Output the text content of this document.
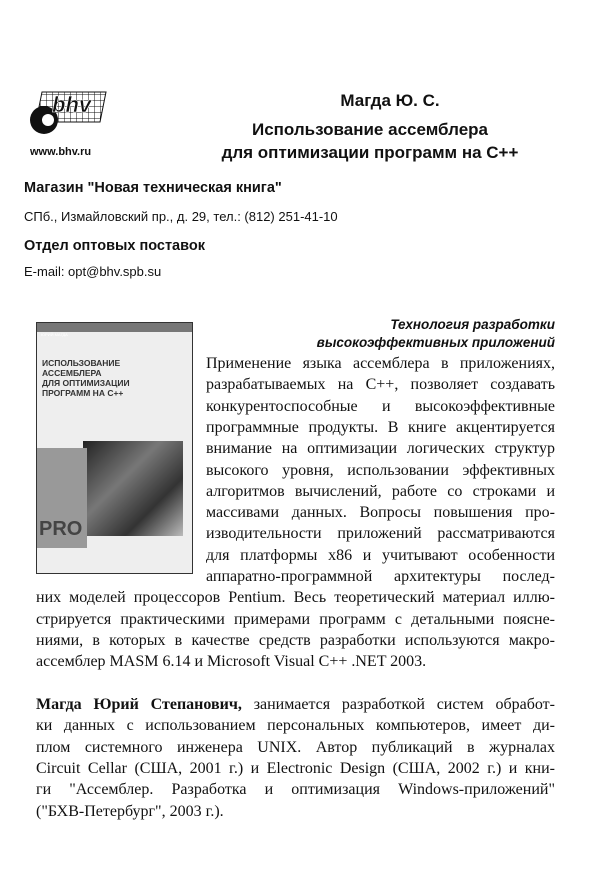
bhv
www.bhv.ru
Магда Ю. С.
Использование ассемблера
для оптимизации программ на C++
Магазин "Новая техническая книга"
СПб., Измайловский пр., д. 29, тел.: (812) 251-41-10
Отдел оптовых поставок
E-mail: opt@bhv.spb.su
ЮРИЙ МАГДА
ИСПОЛЬЗОВАНИЕ
АССЕМБЛЕРА
ДЛЯ ОПТИМИЗАЦИИ
ПРОГРАММ НА C++
PRO
Технология разработки
высокоэффективных приложений
Применение языка ассемблера в приложениях,
разрабатываемых на C++, позволяет создавать
конкурентоспособные и высокоэффективные
программные продукты. В книге акцентируется
внимание на оптимизации логических структур
высокого уровня, использовании эффективных
алгоритмов вычислений, работе со строками и
массивами данных. Вопросы повышения про-
изводительности приложений рассматриваются
для платформы x86 и учитывают особенности
аппаратно-программной архитектуры послед-
них моделей процессоров Pentium. Весь теоретический материал иллю-
стрируется практическими примерами программ с детальными поясне-
ниями, в которых в качестве средств разработки используются макро-
ассемблер MASM 6.14 и Microsoft Visual C++ .NET 2003.
Магда Юрий Степанович, занимается разработкой систем обработ-
ки данных с использованием персональных компьютеров, имеет ди-
плом системного инженера UNIX. Автор публикаций в журналах
Circuit Cellar (США, 2001 г.) и Electronic Design (США, 2002 г.) и кни-
ги "Ассемблер. Разработка и оптимизация Windows-приложений"
("БХВ-Петербург", 2003 г.).
